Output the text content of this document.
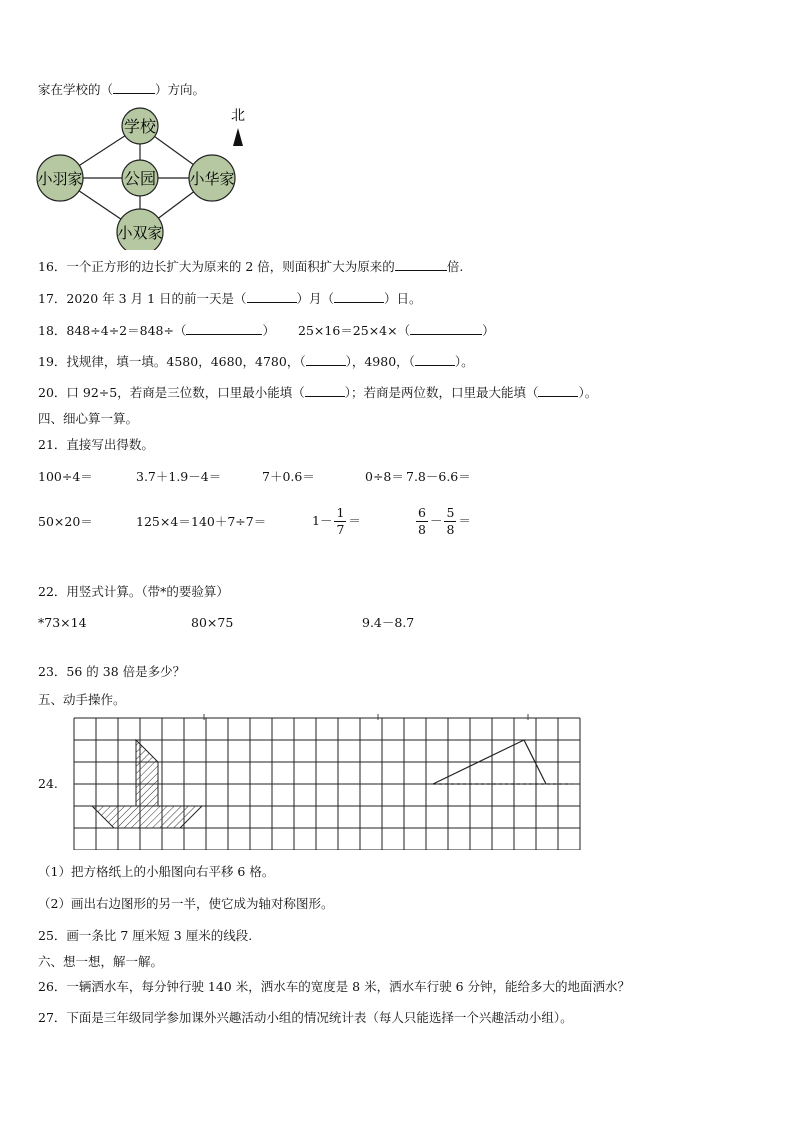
家在学校的（	）方向。
学校
公园
小羽家	小华家
小双家
北
16．一个正方形的边长扩大为原来的 2 倍，则面积扩大为原来的	倍.
17．2020 年 3 月 1 日的前一天是（	）月（	）日。
18．848÷4÷2＝848÷（	） 25×16＝25×4×（	）
19．找规律，填一填。4580，4680，4780，（	），4980，（	）。
20．口 92÷5，若商是三位数，口里最小能填（	）；若商是两位数，口里最大能填（	）。
四、细心算一算。
21．直接写出得数。
100÷4＝	3.7＋1.9－4＝	7＋0.6＝	0÷8＝ 7.8－6.6＝
50×20＝	125×4＝ 140＋7÷7＝	$1- \frac{1}{7}$ ＝	$\frac{6}{8} - \frac{5}{8}$ ＝
22．用竖式计算。（带*的要验算）
*73×14	80×75	9.4－8.7
23．56 的 38 倍是多少？
五、动手操作。
24.
（1）把方格纸上的小船图向右平移 6 格。
（2）画出右边图形的另一半，使它成为轴对称图形。
25．画一条比 7 厘米短 3 厘米的线段.
六、想一想，解一解。
26．一辆洒水车，每分钟行驶 140 米，洒水车的宽度是 8 米，洒水车行驶 6 分钟，能给多大的地面洒水？
27．下面是三年级同学参加课外兴趣活动小组的情况统计表（每人只能选择一个兴趣活动小组）。
